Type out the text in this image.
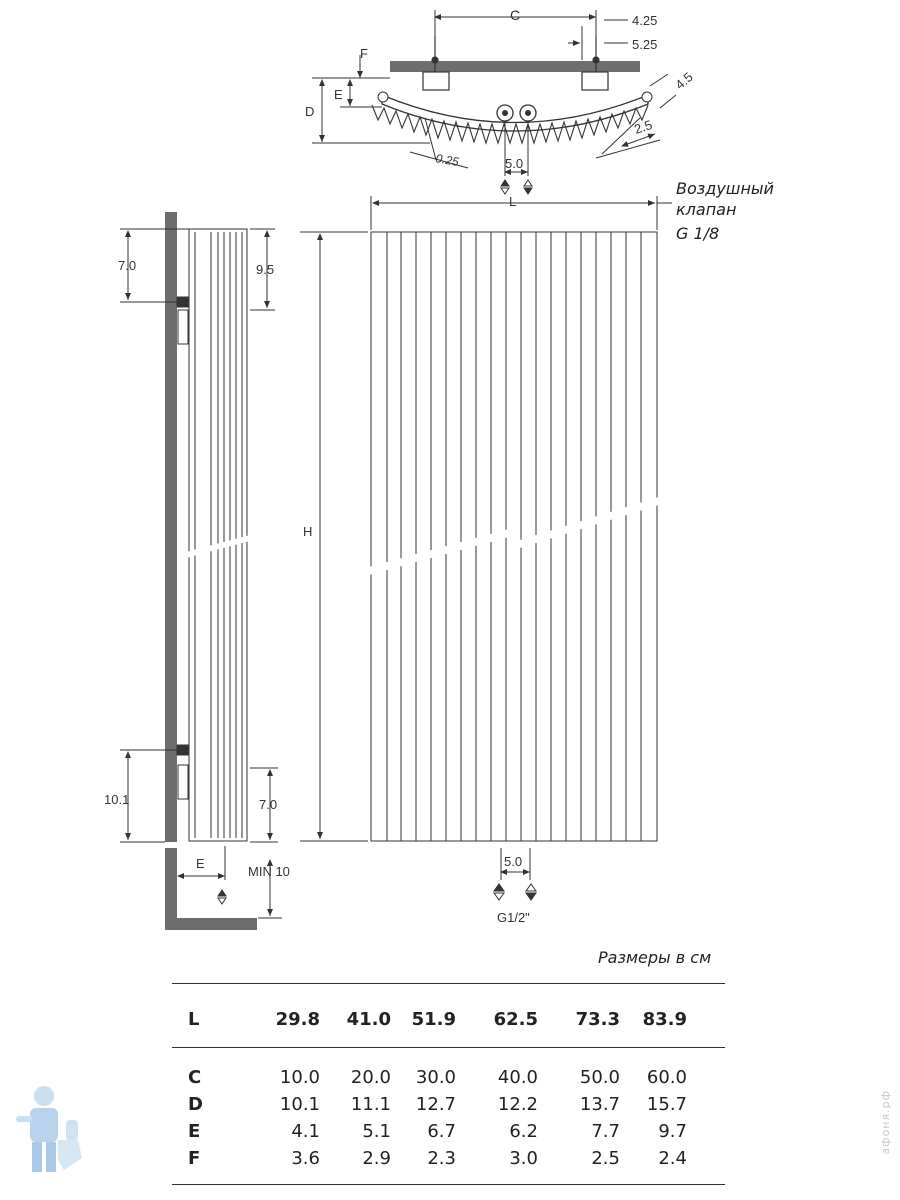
C	4.25
5.25
F
E
D
4.5
2.5
0.25	5.0
7.0	9.5
10.1	7.0
E
MIN 10
L
H
5.0
G1/2"
Воздушный
клапан
G 1/8
Размеры в см
L	29.8	41.0	51.9	62.5	73.3	83.9
C	10.0	20.0	30.0	40.0	50.0	60.0
D	10.1	11.1	12.7	12.2	13.7	15.7
E	4.1	5.1	6.7	6.2	7.7	9.7
F	3.6	2.9	2.3	3.0	2.5	2.4
афоня.рф
